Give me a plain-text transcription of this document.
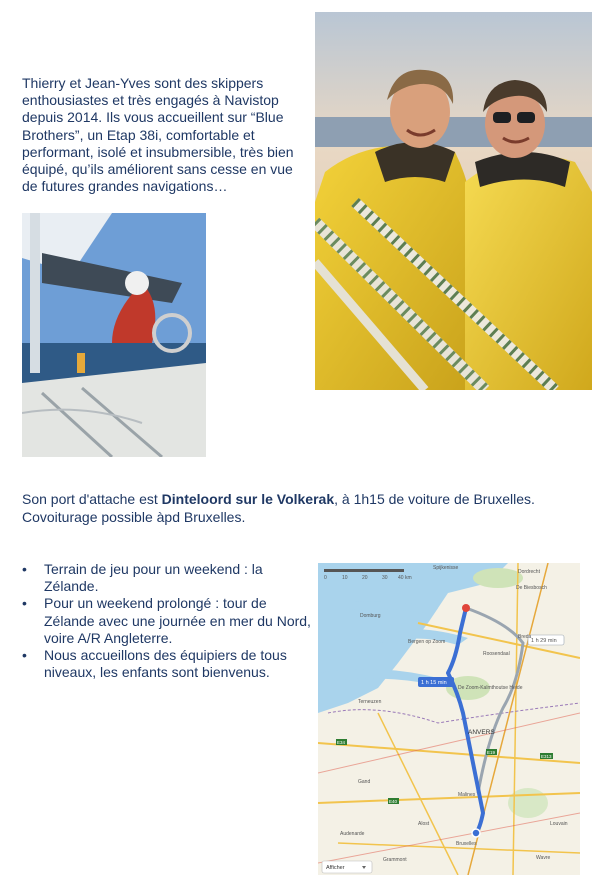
Thierry et Jean-Yves sont des skippers enthousiastes et très engagés à Navistop depuis 2014. Ils vous accueillent sur “Blue Brothers”, un Etap 38i, comfortable et performant, isolé et insubmersible, très bien équipé, qu’ils améliorent sans cesse en vue de futures grandes navigations…
Son port d'attache est Dinteloord sur le Volkerak, à 1h15 de voiture de Bruxelles.
Covoiturage possible àpd Bruxelles.
• Terrain de jeu pour un weekend : la Zélande.
• Pour un weekend prolongé : tour de Zélande avec une journée en mer du Nord, voire A/R Angleterre.
• Nous accueillons des équipiers de tous niveaux, les enfants sont bienvenus.
0	10	20	30 40 km
1 h 15 min
1 h 29 min
Spijkenisse
Dordrecht
De Biesbosch
Breda
Bergen op Zoom
Roosendaal
Domburg
Terneuzen
De Zoom-Kalmthoutse Heide
ANVERS
Gand
Malines
Louvain
Alost
Bruxelles
Audenarde
Grammont	Wavre
E34
E19
E313
E40
Afficher
